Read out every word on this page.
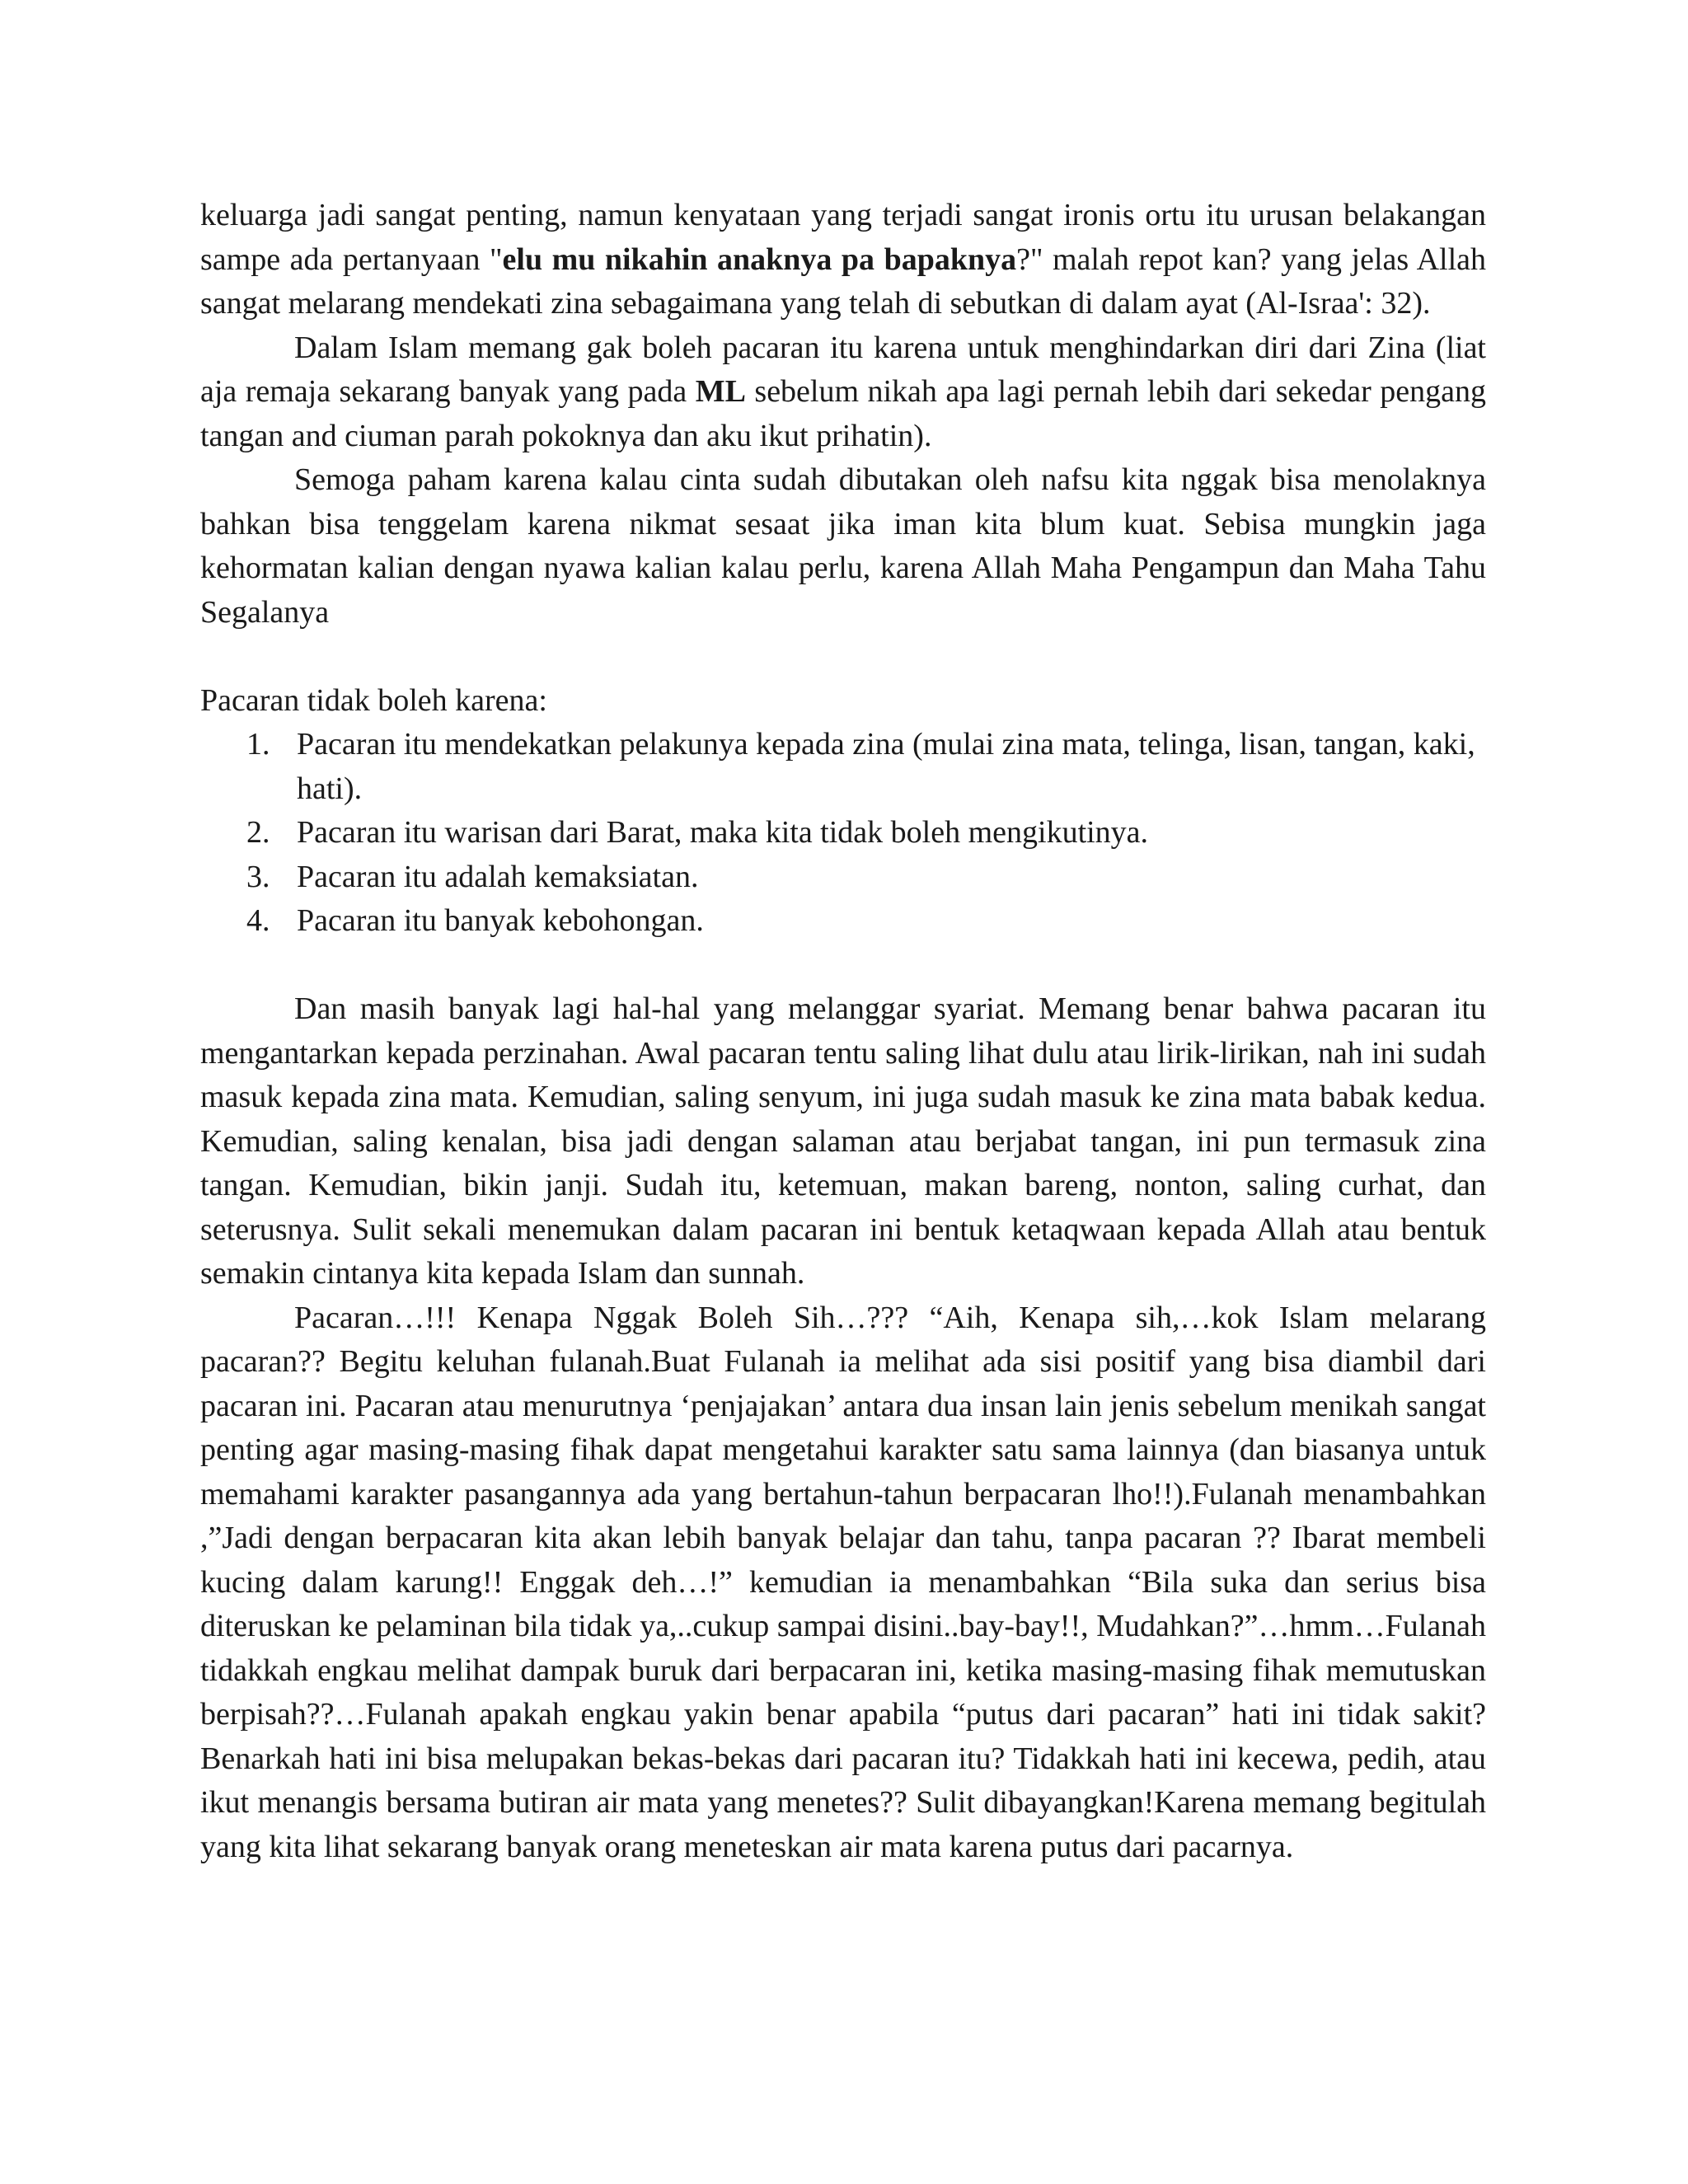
keluarga jadi sangat penting, namun kenyataan yang terjadi sangat ironis ortu itu urusan belakangan sampe ada pertanyaan "elu mu nikahin anaknya pa bapaknya?" malah repot kan? yang jelas Allah sangat melarang mendekati zina sebagaimana yang telah di sebutkan di dalam ayat (Al-Israa': 32).

Dalam Islam memang gak boleh pacaran itu karena untuk menghindarkan diri dari Zina (liat aja remaja sekarang banyak yang pada ML sebelum nikah apa lagi pernah lebih dari sekedar pengang tangan and ciuman parah pokoknya dan aku ikut prihatin).

Semoga paham karena kalau cinta sudah dibutakan oleh nafsu kita nggak bisa menolaknya bahkan bisa tenggelam karena nikmat sesaat jika iman kita blum kuat. Sebisa mungkin jaga kehormatan kalian dengan nyawa kalian kalau perlu, karena Allah Maha Pengampun dan Maha Tahu Segalanya

Pacaran tidak boleh karena:

1. Pacaran itu mendekatkan pelakunya kepada zina (mulai zina mata, telinga, lisan, tangan, kaki, hati).
2. Pacaran itu warisan dari Barat, maka kita tidak boleh mengikutinya.
3. Pacaran itu adalah kemaksiatan.
4. Pacaran itu banyak kebohongan.

Dan masih banyak lagi hal-hal yang melanggar syariat. Memang benar bahwa pacaran itu mengantarkan kepada perzinahan. Awal pacaran tentu saling lihat dulu atau lirik-lirikan, nah ini sudah masuk kepada zina mata. Kemudian, saling senyum, ini juga sudah masuk ke zina mata babak kedua. Kemudian, saling kenalan, bisa jadi dengan salaman atau berjabat tangan, ini pun termasuk zina tangan. Kemudian, bikin janji. Sudah itu, ketemuan, makan bareng, nonton, saling curhat, dan seterusnya. Sulit sekali menemukan dalam pacaran ini bentuk ketaqwaan kepada Allah atau bentuk semakin cintanya kita kepada Islam dan sunnah.

Pacaran…!!! Kenapa Nggak Boleh Sih…??? “Aih, Kenapa sih,…kok Islam melarang pacaran?? Begitu keluhan fulanah.Buat Fulanah ia melihat ada sisi positif yang bisa diambil dari pacaran ini. Pacaran atau menurutnya ‘penjajakan’ antara dua insan lain jenis sebelum menikah sangat penting agar masing-masing fihak dapat mengetahui karakter satu sama lainnya (dan biasanya untuk memahami karakter pasangannya ada yang bertahun-tahun berpacaran lho!!).Fulanah menambahkan ,”Jadi dengan berpacaran kita akan lebih banyak belajar dan tahu, tanpa pacaran ?? Ibarat membeli kucing dalam karung!! Enggak deh…!” kemudian ia menambahkan “Bila suka dan serius bisa diteruskan ke pelaminan bila tidak ya,..cukup sampai disini..bay-bay!!, Mudahkan?”…hmm…Fulanah tidakkah engkau melihat dampak buruk dari berpacaran ini, ketika masing-masing fihak memutuskan berpisah??…Fulanah apakah engkau yakin benar apabila “putus dari pacaran” hati ini tidak sakit? Benarkah hati ini bisa melupakan bekas-bekas dari pacaran itu? Tidakkah hati ini kecewa, pedih, atau ikut menangis bersama butiran air mata yang menetes?? Sulit dibayangkan!Karena memang begitulah yang kita lihat sekarang banyak orang meneteskan air mata karena putus dari pacarnya.
